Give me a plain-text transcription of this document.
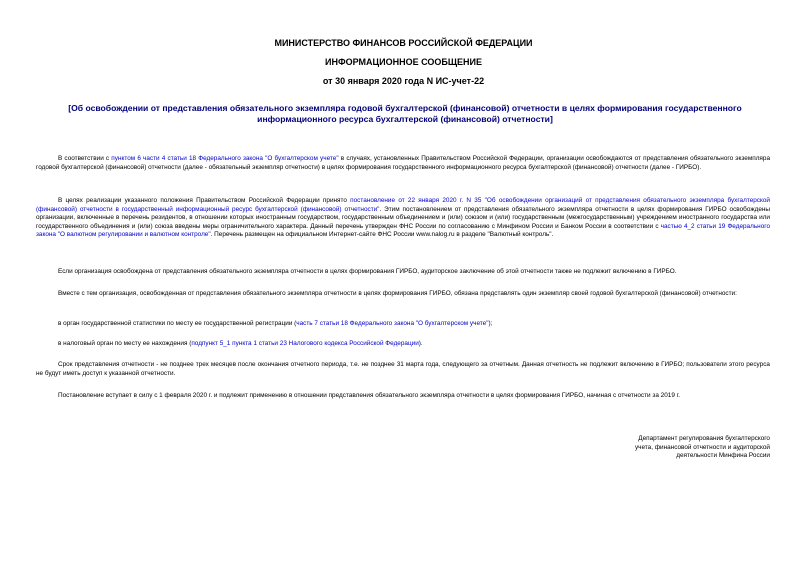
МИНИСТЕРСТВО ФИНАНСОВ РОССИЙСКОЙ ФЕДЕРАЦИИ
ИНФОРМАЦИОННОЕ СООБЩЕНИЕ
от 30 января 2020 года N ИС-учет-22
[Об освобождении от представления обязательного экземпляра годовой бухгалтерской (финансовой) отчетности в целях формирования государственного
информационного ресурса бухгалтерской (финансовой) отчетности]
В соответствии с пунктом 6 части 4 статьи 18 Федерального закона "О бухгалтерском учете" в случаях, установленных Правительством Российской Федерации, организации освобождаются от представления обязательного экземпляра годовой бухгалтерской (финансовой) отчетности (далее - обязательный экземпляр отчетности) в целях формирования государственного информационного ресурса бухгалтерской (финансовой) отчетности (далее - ГИРБО).
В целях реализации указанного положения Правительством Российской Федерации принято постановление от 22 января 2020 г. N 35 "Об освобождении организаций от представления обязательного экземпляра бухгалтерской (финансовой) отчетности в государственный информационный ресурс бухгалтерской (финансовой) отчетности". Этим постановлением от представления обязательного экземпляра отчетности в целях формирования ГИРБО освобождены организации, включенные в перечень резидентов, в отношении которых иностранным государством, государственным объединением и (или) союзом и (или) государственным (межгосударственным) учреждением иностранного государства или государственного объединения и (или) союза введены меры ограничительного характера. Данный перечень утвержден ФНС России по согласованию с Минфином России и Банком России в соответствии с частью 4_2 статьи 19 Федерального закона "О валютном регулировании и валютном контроле". Перечень размещен на официальном Интернет-сайте ФНС России www.nalog.ru в разделе "Валютный контроль".
Если организация освобождена от представления обязательного экземпляра отчетности в целях формирования ГИРБО, аудиторское заключение об этой отчетности также не подлежит включению в ГИРБО.
Вместе с тем организация, освобожденная от представления обязательного экземпляра отчетности в целях формирования ГИРБО, обязана представлять один экземпляр своей годовой бухгалтерской (финансовой) отчетности:
в орган государственной статистики по месту ее государственной регистрации (часть 7 статьи 18 Федерального закона "О бухгалтерском учете");
в налоговый орган по месту ее нахождения (подпункт 5_1 пункта 1 статьи 23 Налогового кодекса Российской Федерации).
Срок представления отчетности - не позднее трех месяцев после окончания отчетного периода, т.е. не позднее 31 марта года, следующего за отчетным. Данная отчетность не подлежит включению в ГИРБО; пользователи этого ресурса не будут иметь доступ к указанной отчетности.
Постановление вступает в силу с 1 февраля 2020 г. и подлежит применению в отношении представления обязательного экземпляра отчетности в целях формирования ГИРБО, начиная с отчетности за 2019 г.
Департамент регулирования бухгалтерского
учета, финансовой отчетности и аудиторской
деятельности Минфина России
